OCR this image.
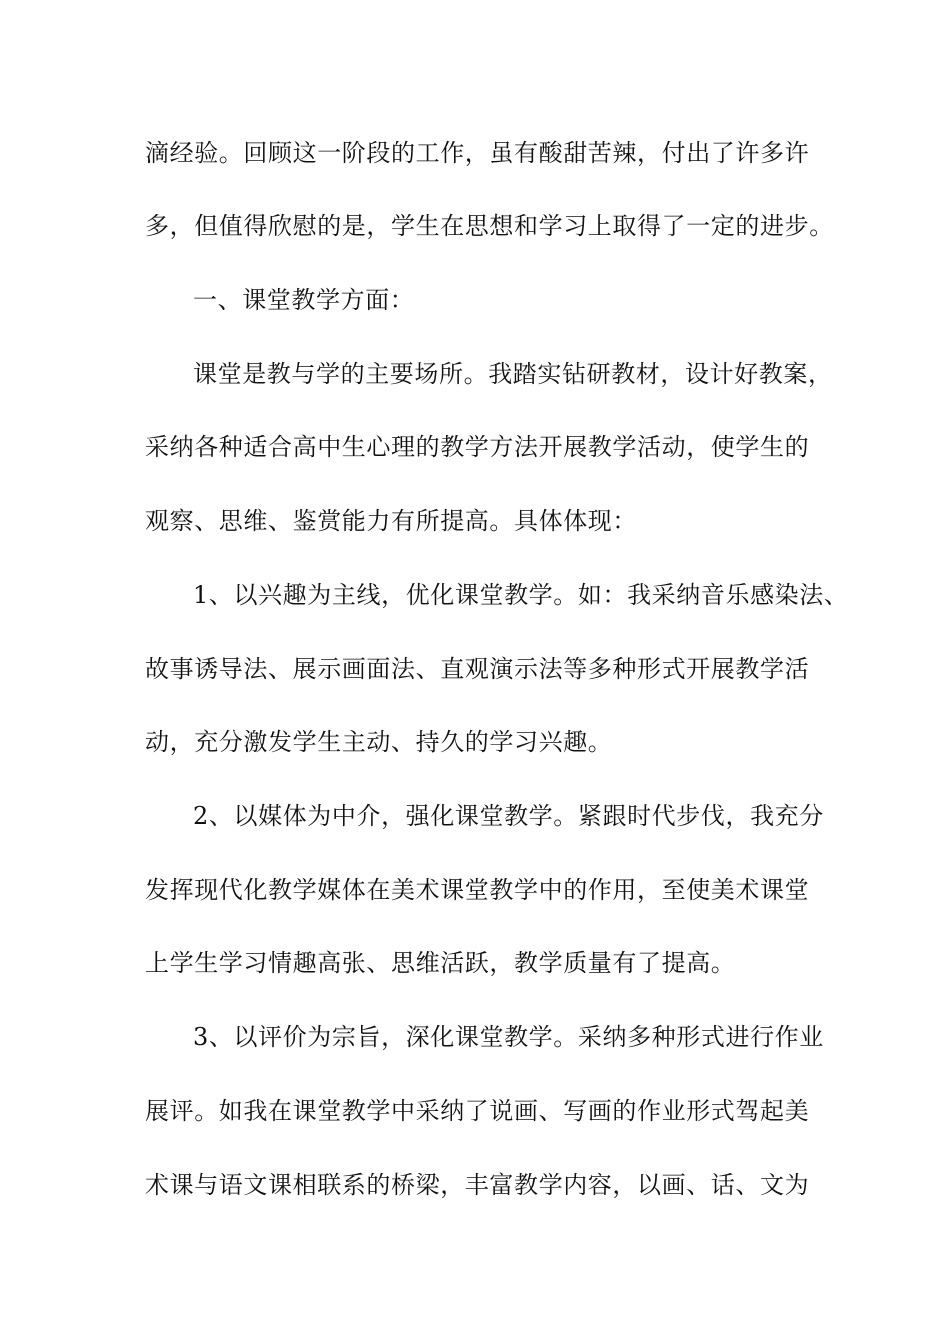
滴经验。回顾这一阶段的工作，虽有酸甜苦辣，付出了许多许
多，但值得欣慰的是，学生在思想和学习上取得了一定的进步。
一、课堂教学方面：
课堂是教与学的主要场所。我踏实钻研教材，设计好教案，
采纳各种适合高中生心理的教学方法开展教学活动，使学生的
观察、思维、鉴赏能力有所提高。具体体现：
1、以兴趣为主线，优化课堂教学。如：我采纳音乐感染法、
故事诱导法、展示画面法、直观演示法等多种形式开展教学活
动，充分激发学生主动、持久的学习兴趣。
2、以媒体为中介，强化课堂教学。紧跟时代步伐，我充分
发挥现代化教学媒体在美术课堂教学中的作用，至使美术课堂
上学生学习情趣高张、思维活跃，教学质量有了提高。
3、以评价为宗旨，深化课堂教学。采纳多种形式进行作业
展评。如我在课堂教学中采纳了说画、写画的作业形式驾起美
术课与语文课相联系的桥梁，丰富教学内容，以画、话、文为
